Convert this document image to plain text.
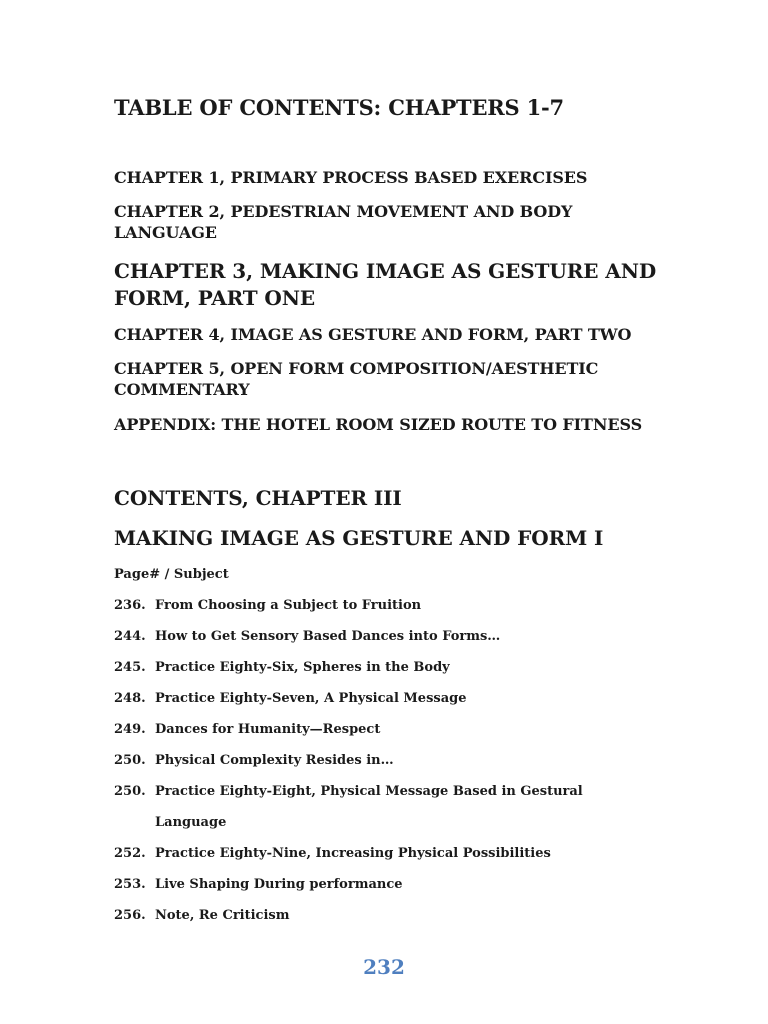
TABLE OF CONTENTS: CHAPTERS 1-7
CHAPTER 1, PRIMARY PROCESS BASED EXERCISES
CHAPTER 2, PEDESTRIAN MOVEMENT AND BODY LANGUAGE
CHAPTER 3, MAKING IMAGE AS GESTURE AND FORM, PART ONE
CHAPTER 4, IMAGE AS GESTURE AND FORM, PART TWO
CHAPTER 5, OPEN FORM COMPOSITION/AESTHETIC COMMENTARY
APPENDIX: THE HOTEL ROOM SIZED ROUTE TO FITNESS
CONTENTS, CHAPTER III
MAKING IMAGE AS GESTURE AND FORM I
Page# / Subject
236. From Choosing a Subject to Fruition
244. How to Get Sensory Based Dances into Forms…
245. Practice Eighty-Six, Spheres in the Body
248. Practice Eighty-Seven, A Physical Message
249. Dances for Humanity—Respect
250. Physical Complexity Resides in…
250. Practice Eighty-Eight, Physical Message Based in Gestural Language
252. Practice Eighty-Nine, Increasing Physical Possibilities
253. Live Shaping During performance
256. Note, Re Criticism
232
